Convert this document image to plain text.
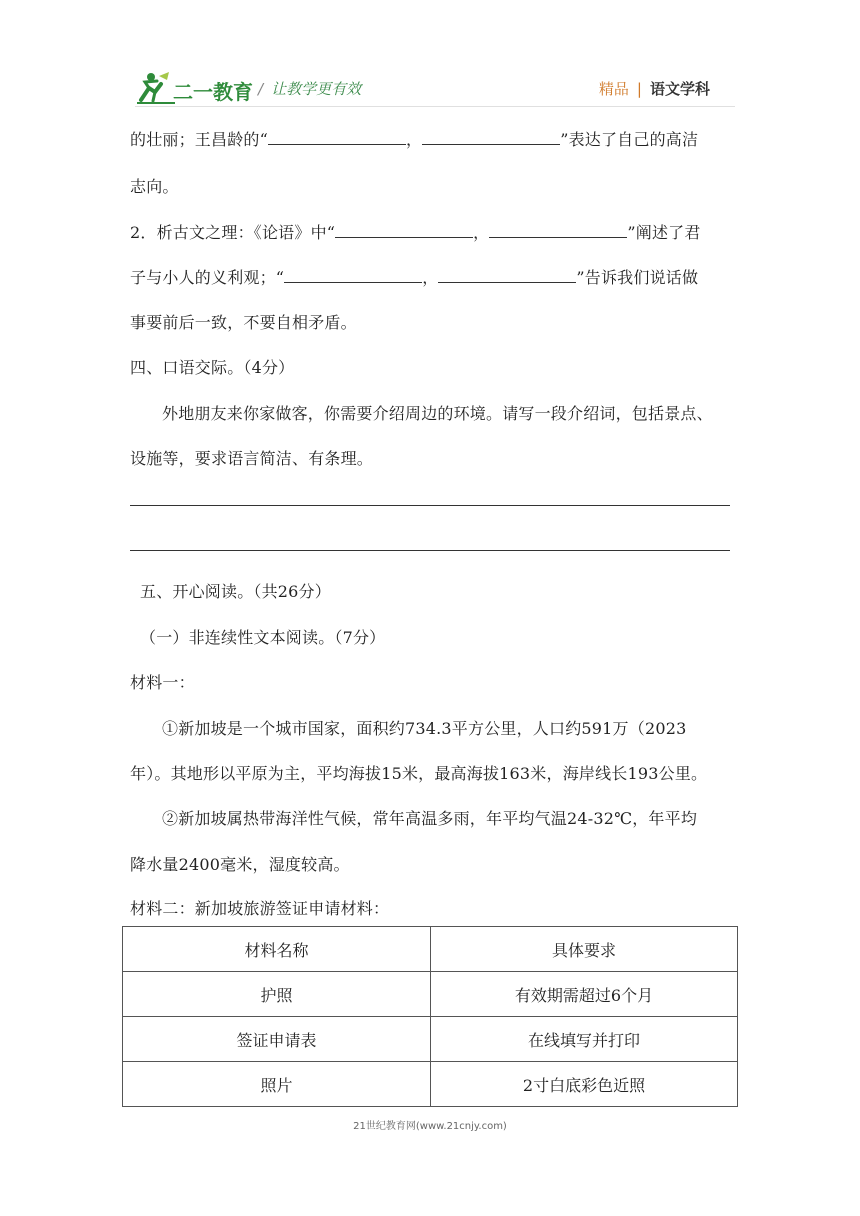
二一教育 / 让教学更有效	精品 | 语文学科
的壮丽；王昌龄的“	，	”表达了自己的高洁
志向。
2．析古文之理：《论语》中“	，	”阐述了君
子与小人的义利观；“	，	”告诉我们说话做
事要前后一致，不要自相矛盾。
四、口语交际。（4分）
外地朋友来你家做客，你需要介绍周边的环境。请写一段介绍词，包括景点、
设施等，要求语言简洁、有条理。
五、开心阅读。（共26分）
（一）非连续性文本阅读。（7分）
材料一：
①新加坡是一个城市国家，面积约734.3平方公里，人口约591万（2023
年）。其地形以平原为主，平均海拔15米，最高海拔163米，海岸线长193公里。
②新加坡属热带海洋性气候，常年高温多雨，年平均气温24-32℃，年平均
降水量2400毫米，湿度较高。
材料二：新加坡旅游签证申请材料：
材料名称	具体要求
护照	有效期需超过6个月
签证申请表	在线填写并打印
照片	2寸白底彩色近照
21世纪教育网(www.21cnjy.com)
